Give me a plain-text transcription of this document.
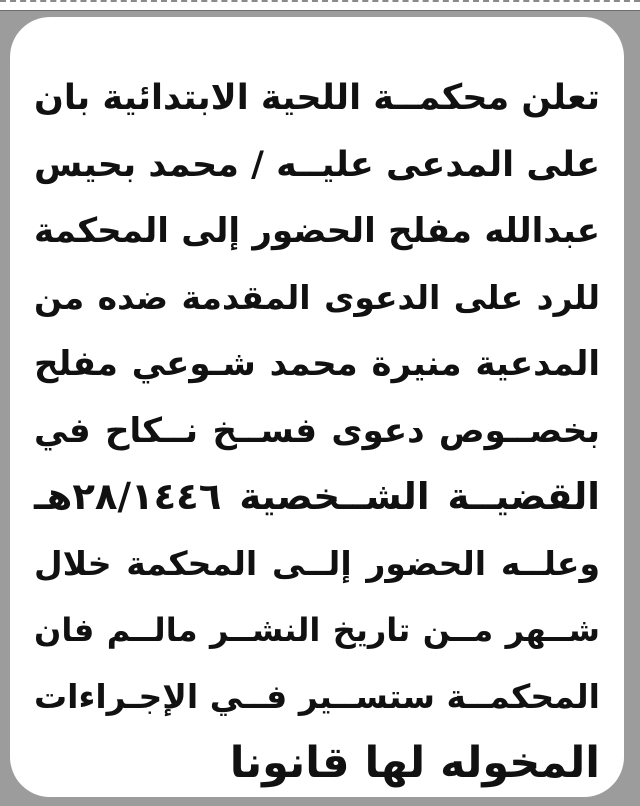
تعلن محكمــة اللحية الابتدائية بان
على المدعى عليــه / محمد بحيس
عبدالله مفلح الحضور إلى المحكمة
للرد على الدعوى المقدمة ضده من
المدعية منيرة محمد شـوعي مفلح
بخصــوص دعوى فســخ نــكاح في
القضيــة الشــخصية ٢٨/١٤٤٦هـ
وعلــه الحضور إلــى المحكمة خلال
شــهر مــن تاريخ النشــر مالــم فان
المحكمــة ستســير فــي الإجـراءات
المخوله لها قانونا
